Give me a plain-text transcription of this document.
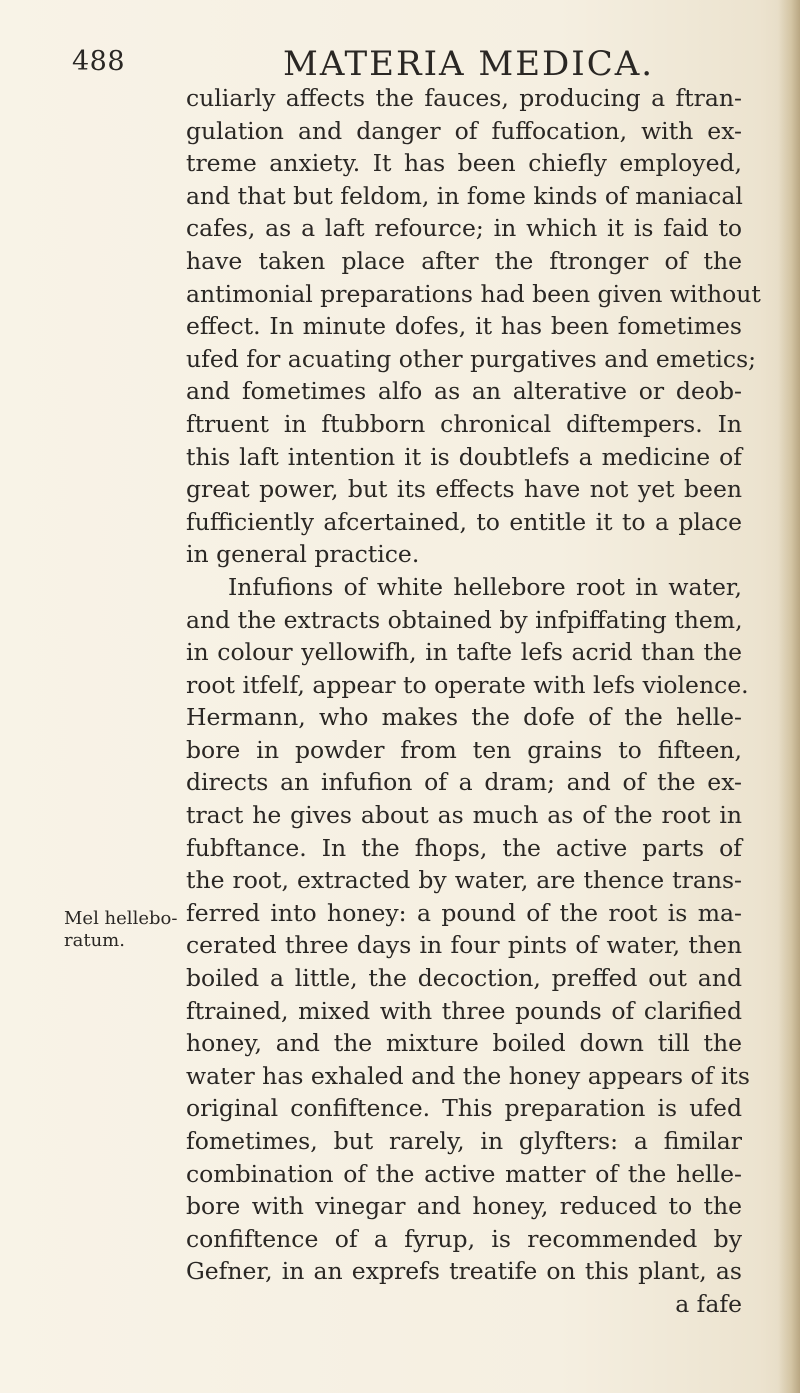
488	MATERIA MEDICA.
Mel hellebo-
ratum.
culiarly affects the fauces, producing a ftran-
gulation and danger of fuffocation, with ex-
treme anxiety. It has been chiefly employed,
and that but feldom, in fome kinds of maniacal
cafes, as a laft refource; in which it is faid to
have taken place after the ftronger of the
antimonial preparations had been given without
effect. In minute dofes, it has been fometimes
ufed for acuating other purgatives and emetics;
and fometimes alfo as an alterative or deob-
ftruent in ftubborn chronical diftempers. In
this laft intention it is doubtlefs a medicine of
great power, but its effects have not yet been
fufficiently afcertained, to entitle it to a place
in general practice.
Infufions of white hellebore root in water,
and the extracts obtained by infpiffating them,
in colour yellowifh, in tafte lefs acrid than the
root itfelf, appear to operate with lefs violence.
Hermann, who makes the dofe of the helle-
bore in powder from ten grains to fifteen,
directs an infufion of a dram; and of the ex-
tract he gives about as much as of the root in
fubftance. In the fhops, the active parts of
the root, extracted by water, are thence trans-
ferred into honey: a pound of the root is ma-
cerated three days in four pints of water, then
boiled a little, the decoction, preffed out and
ftrained, mixed with three pounds of clarified
honey, and the mixture boiled down till the
water has exhaled and the honey appears of its
original confiftence. This preparation is ufed
fometimes, but rarely, in glyfters: a fimilar
combination of the active matter of the helle-
bore with vinegar and honey, reduced to the
confiftence of a fyrup, is recommended by
Gefner, in an exprefs treatife on this plant, as
a fafe
